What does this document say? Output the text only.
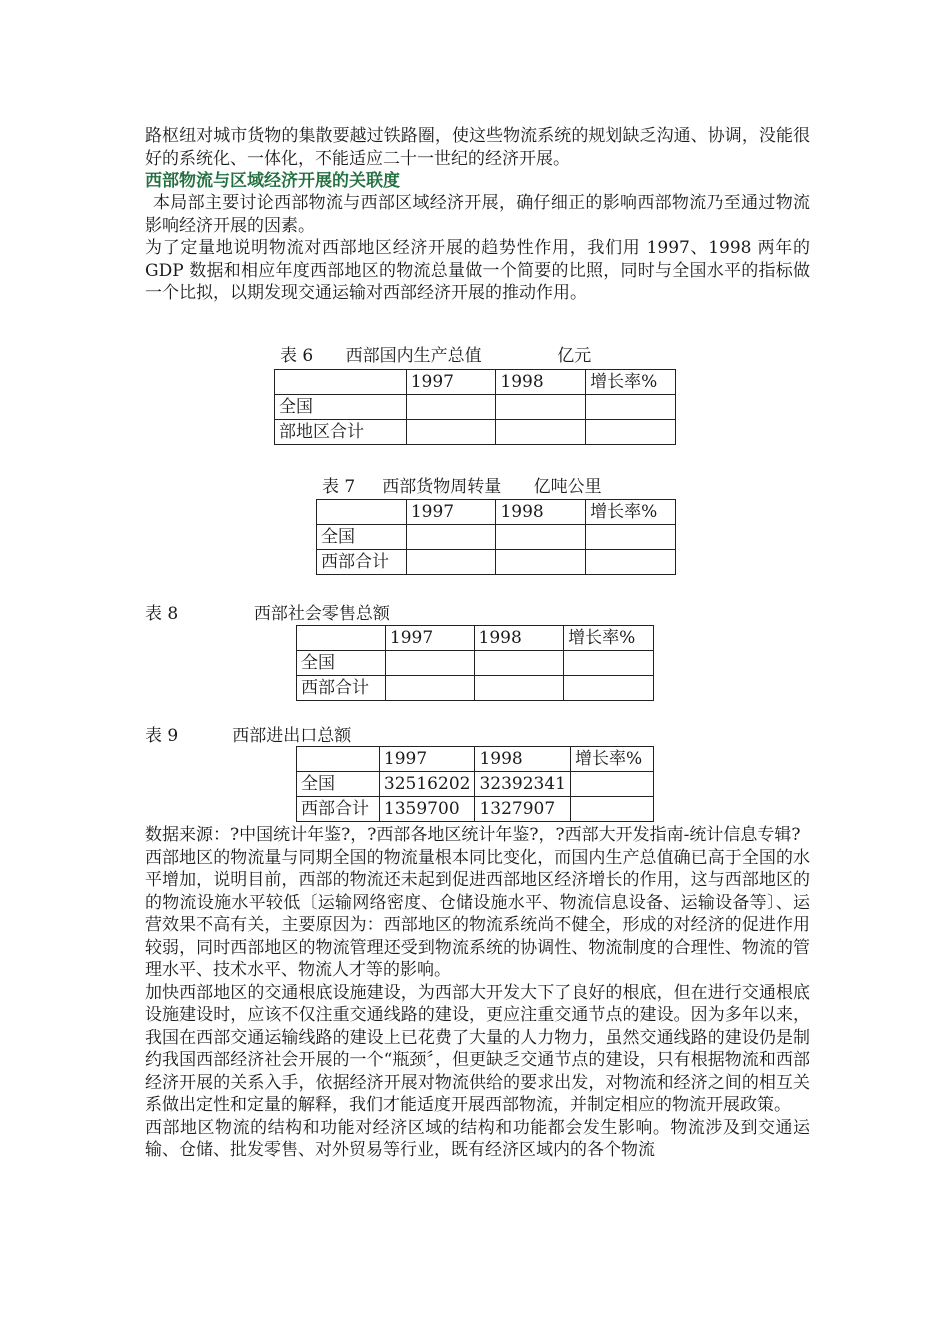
路枢纽对城市货物的集散要越过铁路圈，使这些物流系统的规划缺乏沟通、协调，没能很好的系统化、一体化，不能适应二十一世纪的经济开展。

西部物流与区域经济开展的关联度

本局部主要讨论西部物流与西部区域经济开展，确仔细正的影响西部物流乃至通过物流影响经济开展的因素。

为了定量地说明物流对西部地区经济开展的趋势性作用，我们用 1997、1998 两年的 GDP 数据和相应年度西部地区的物流总量做一个简要的比照，同时与全国水平的指标做一个比拟，以期发现交通运输对西部经济开展的推动作用。

表 6      西部国内生产总值              亿元
	1997	1998	增长率%
全国			
部地区合计			
表 7     西部货物周转量      亿吨公里
	1997	1998	增长率%
全国			
西部合计			
表 8              西部社会零售总额
	1997	1998	增长率%
全国			
西部合计			
表 9          西部进出口总额
	1997	1998	增长率%
全国	32516202	32392341	
西部合计	1359700	1327907	

数据来源：?中国统计年鉴?，?西部各地区统计年鉴?，?西部大开发指南-统计信息专辑?

西部地区的物流量与同期全国的物流量根本同比变化，而国内生产总值确已高于全国的水平增加，说明目前，西部的物流还未起到促进西部地区经济增长的作用，这与西部地区的的物流设施水平较低〔运输网络密度、仓储设施水平、物流信息设备、运输设备等〕、运营效果不高有关，主要原因为：西部地区的物流系统尚不健全，形成的对经济的促进作用较弱，同时西部地区的物流管理还受到物流系统的协调性、物流制度的合理性、物流的管理水平、技术水平、物流人才等的影响。

加快西部地区的交通根底设施建设，为西部大开发大下了良好的根底，但在进行交通根底设施建设时，应该不仅注重交通线路的建设，更应注重交通节点的建设。因为多年以来，我国在西部交通运输线路的建设上已花费了大量的人力物力，虽然交通线路的建设仍是制约我国西部经济社会开展的一个“瓶颈〞，但更缺乏交通节点的建设，只有根据物流和西部经济开展的关系入手，依据经济开展对物流供给的要求出发，对物流和经济之间的相互关系做出定性和定量的解释，我们才能适度开展西部物流，并制定相应的物流开展政策。

西部地区物流的结构和功能对经济区域的结构和功能都会发生影响。物流涉及到交通运输、仓储、批发零售、对外贸易等行业，既有经济区域内的各个物流
